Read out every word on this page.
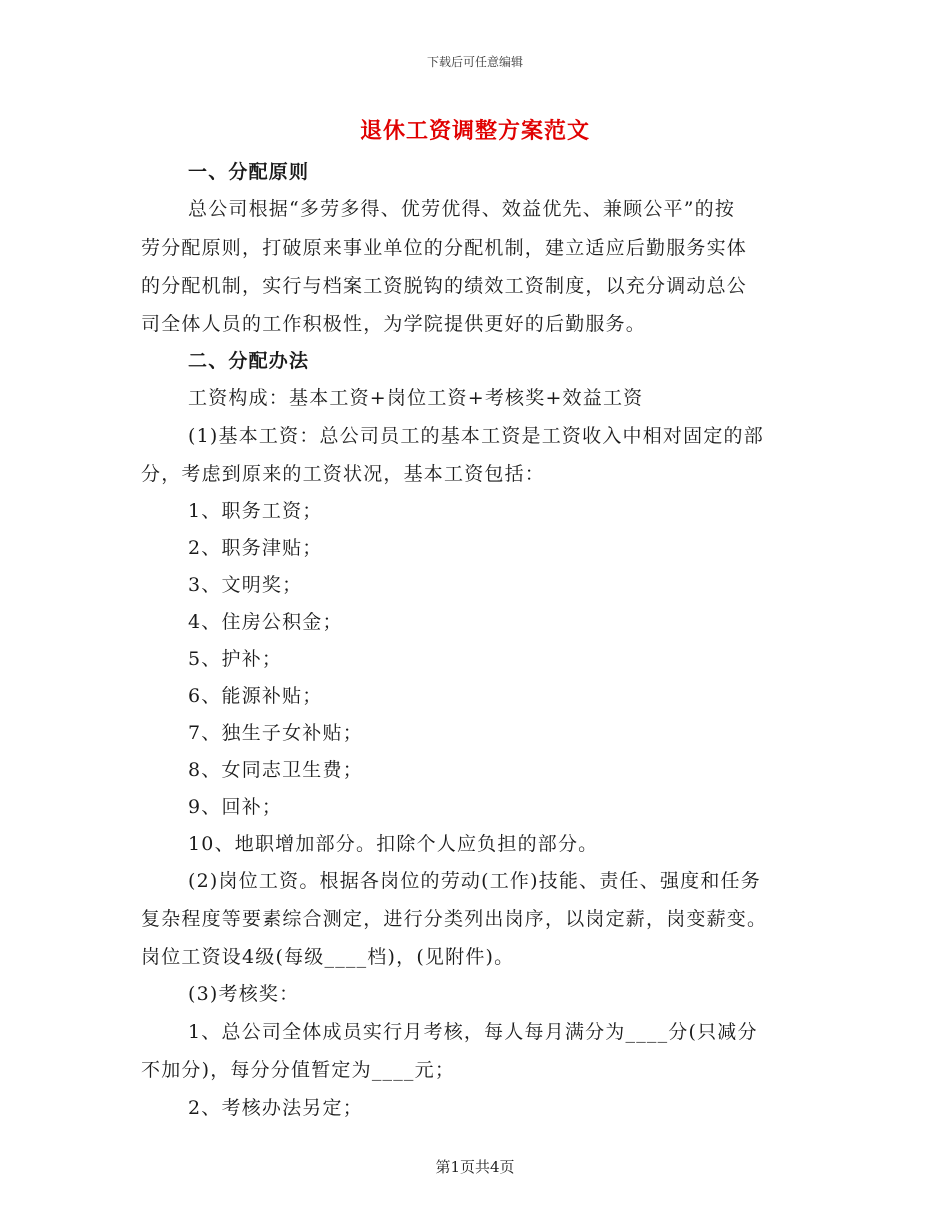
下载后可任意编辑
退休工资调整方案范文
一、分配原则
总公司根据“多劳多得、优劳优得、效益优先、兼顾公平”的按
劳分配原则，打破原来事业单位的分配机制，建立适应后勤服务实体
的分配机制，实行与档案工资脱钩的绩效工资制度，以充分调动总公
司全体人员的工作积极性，为学院提供更好的后勤服务。
二、分配办法
工资构成：基本工资+岗位工资+考核奖+效益工资
(1)基本工资：总公司员工的基本工资是工资收入中相对固定的部
分，考虑到原来的工资状况，基本工资包括：
1、职务工资；
2、职务津贴；
3、文明奖；
4、住房公积金；
5、护补；
6、能源补贴；
7、独生子女补贴；
8、女同志卫生费；
9、回补；
10、地职增加部分。扣除个人应负担的部分。
(2)岗位工资。根据各岗位的劳动(工作)技能、责任、强度和任务
复杂程度等要素综合测定，进行分类列出岗序，以岗定薪，岗变薪变。
岗位工资设4级(每级____档)，(见附件)。
(3)考核奖：
1、总公司全体成员实行月考核，每人每月满分为____分(只减分
不加分)，每分分值暂定为____元；
2、考核办法另定；
第1页共4页
